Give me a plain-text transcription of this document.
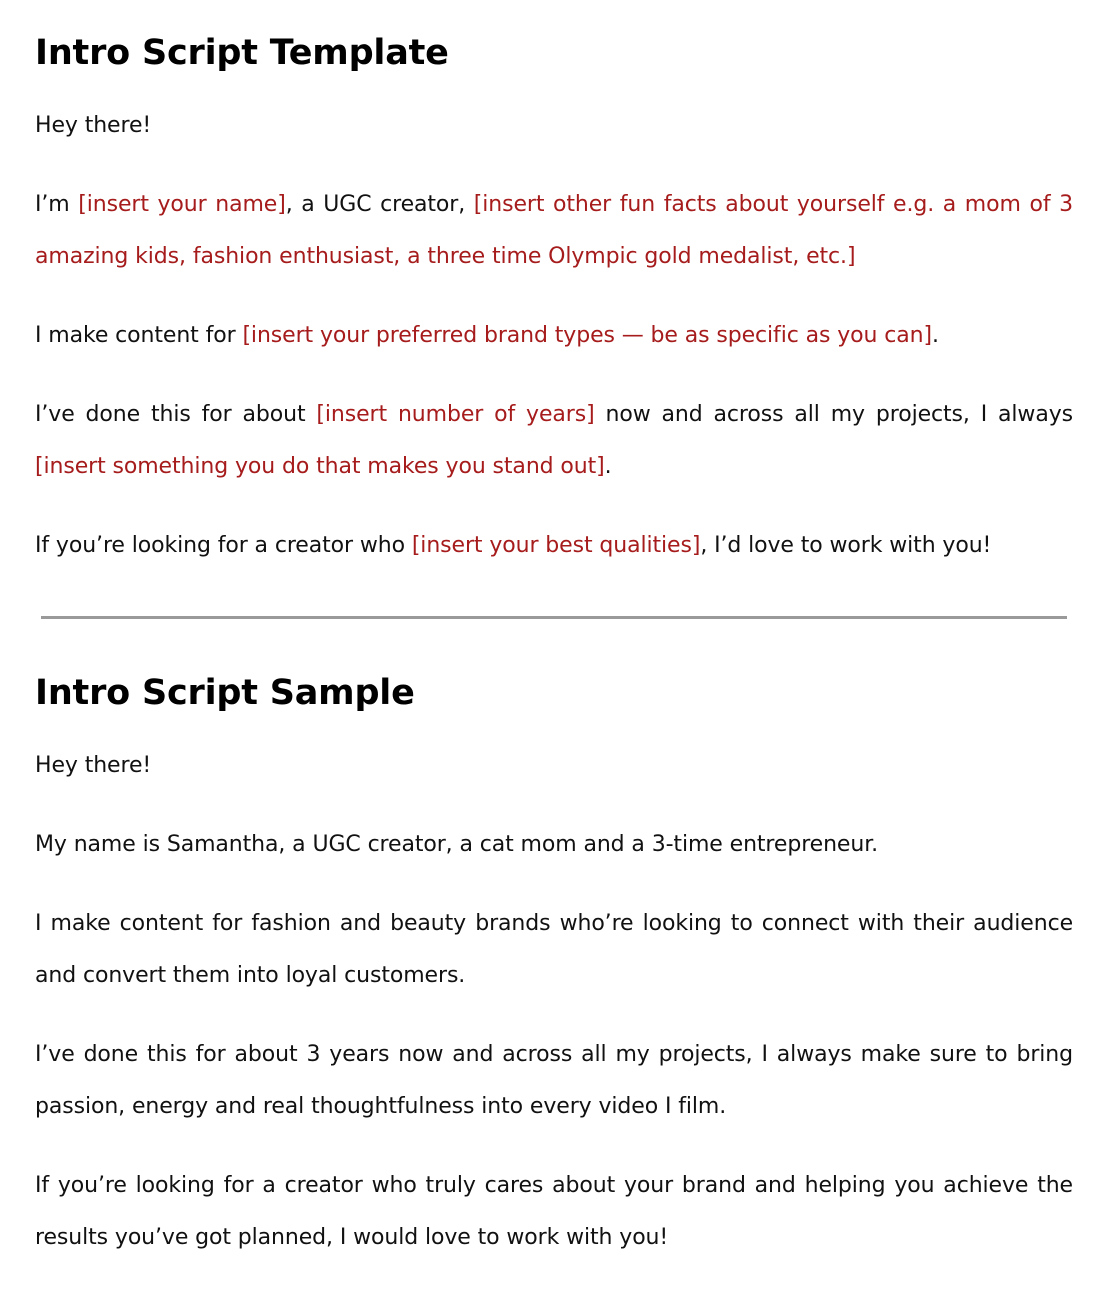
Intro Script Template

Hey there!

I’m [insert your name], a UGC creator, [insert other fun facts about yourself e.g. a mom of 3 amazing kids, fashion enthusiast, a three time Olympic gold medalist, etc.]

I make content for [insert your preferred brand types — be as specific as you can].

I’ve done this for about [insert number of years] now and across all my projects, I always [insert something you do that makes you stand out].

If you’re looking for a creator who [insert your best qualities], I’d love to work with you!

Intro Script Sample

Hey there!

My name is Samantha, a UGC creator, a cat mom and a 3-time entrepreneur.

I make content for fashion and beauty brands who’re looking to connect with their audience and convert them into loyal customers.

I’ve done this for about 3 years now and across all my projects, I always make sure to bring passion, energy and real thoughtfulness into every video I film.

If you’re looking for a creator who truly cares about your brand and helping you achieve the results you’ve got planned, I would love to work with you!
